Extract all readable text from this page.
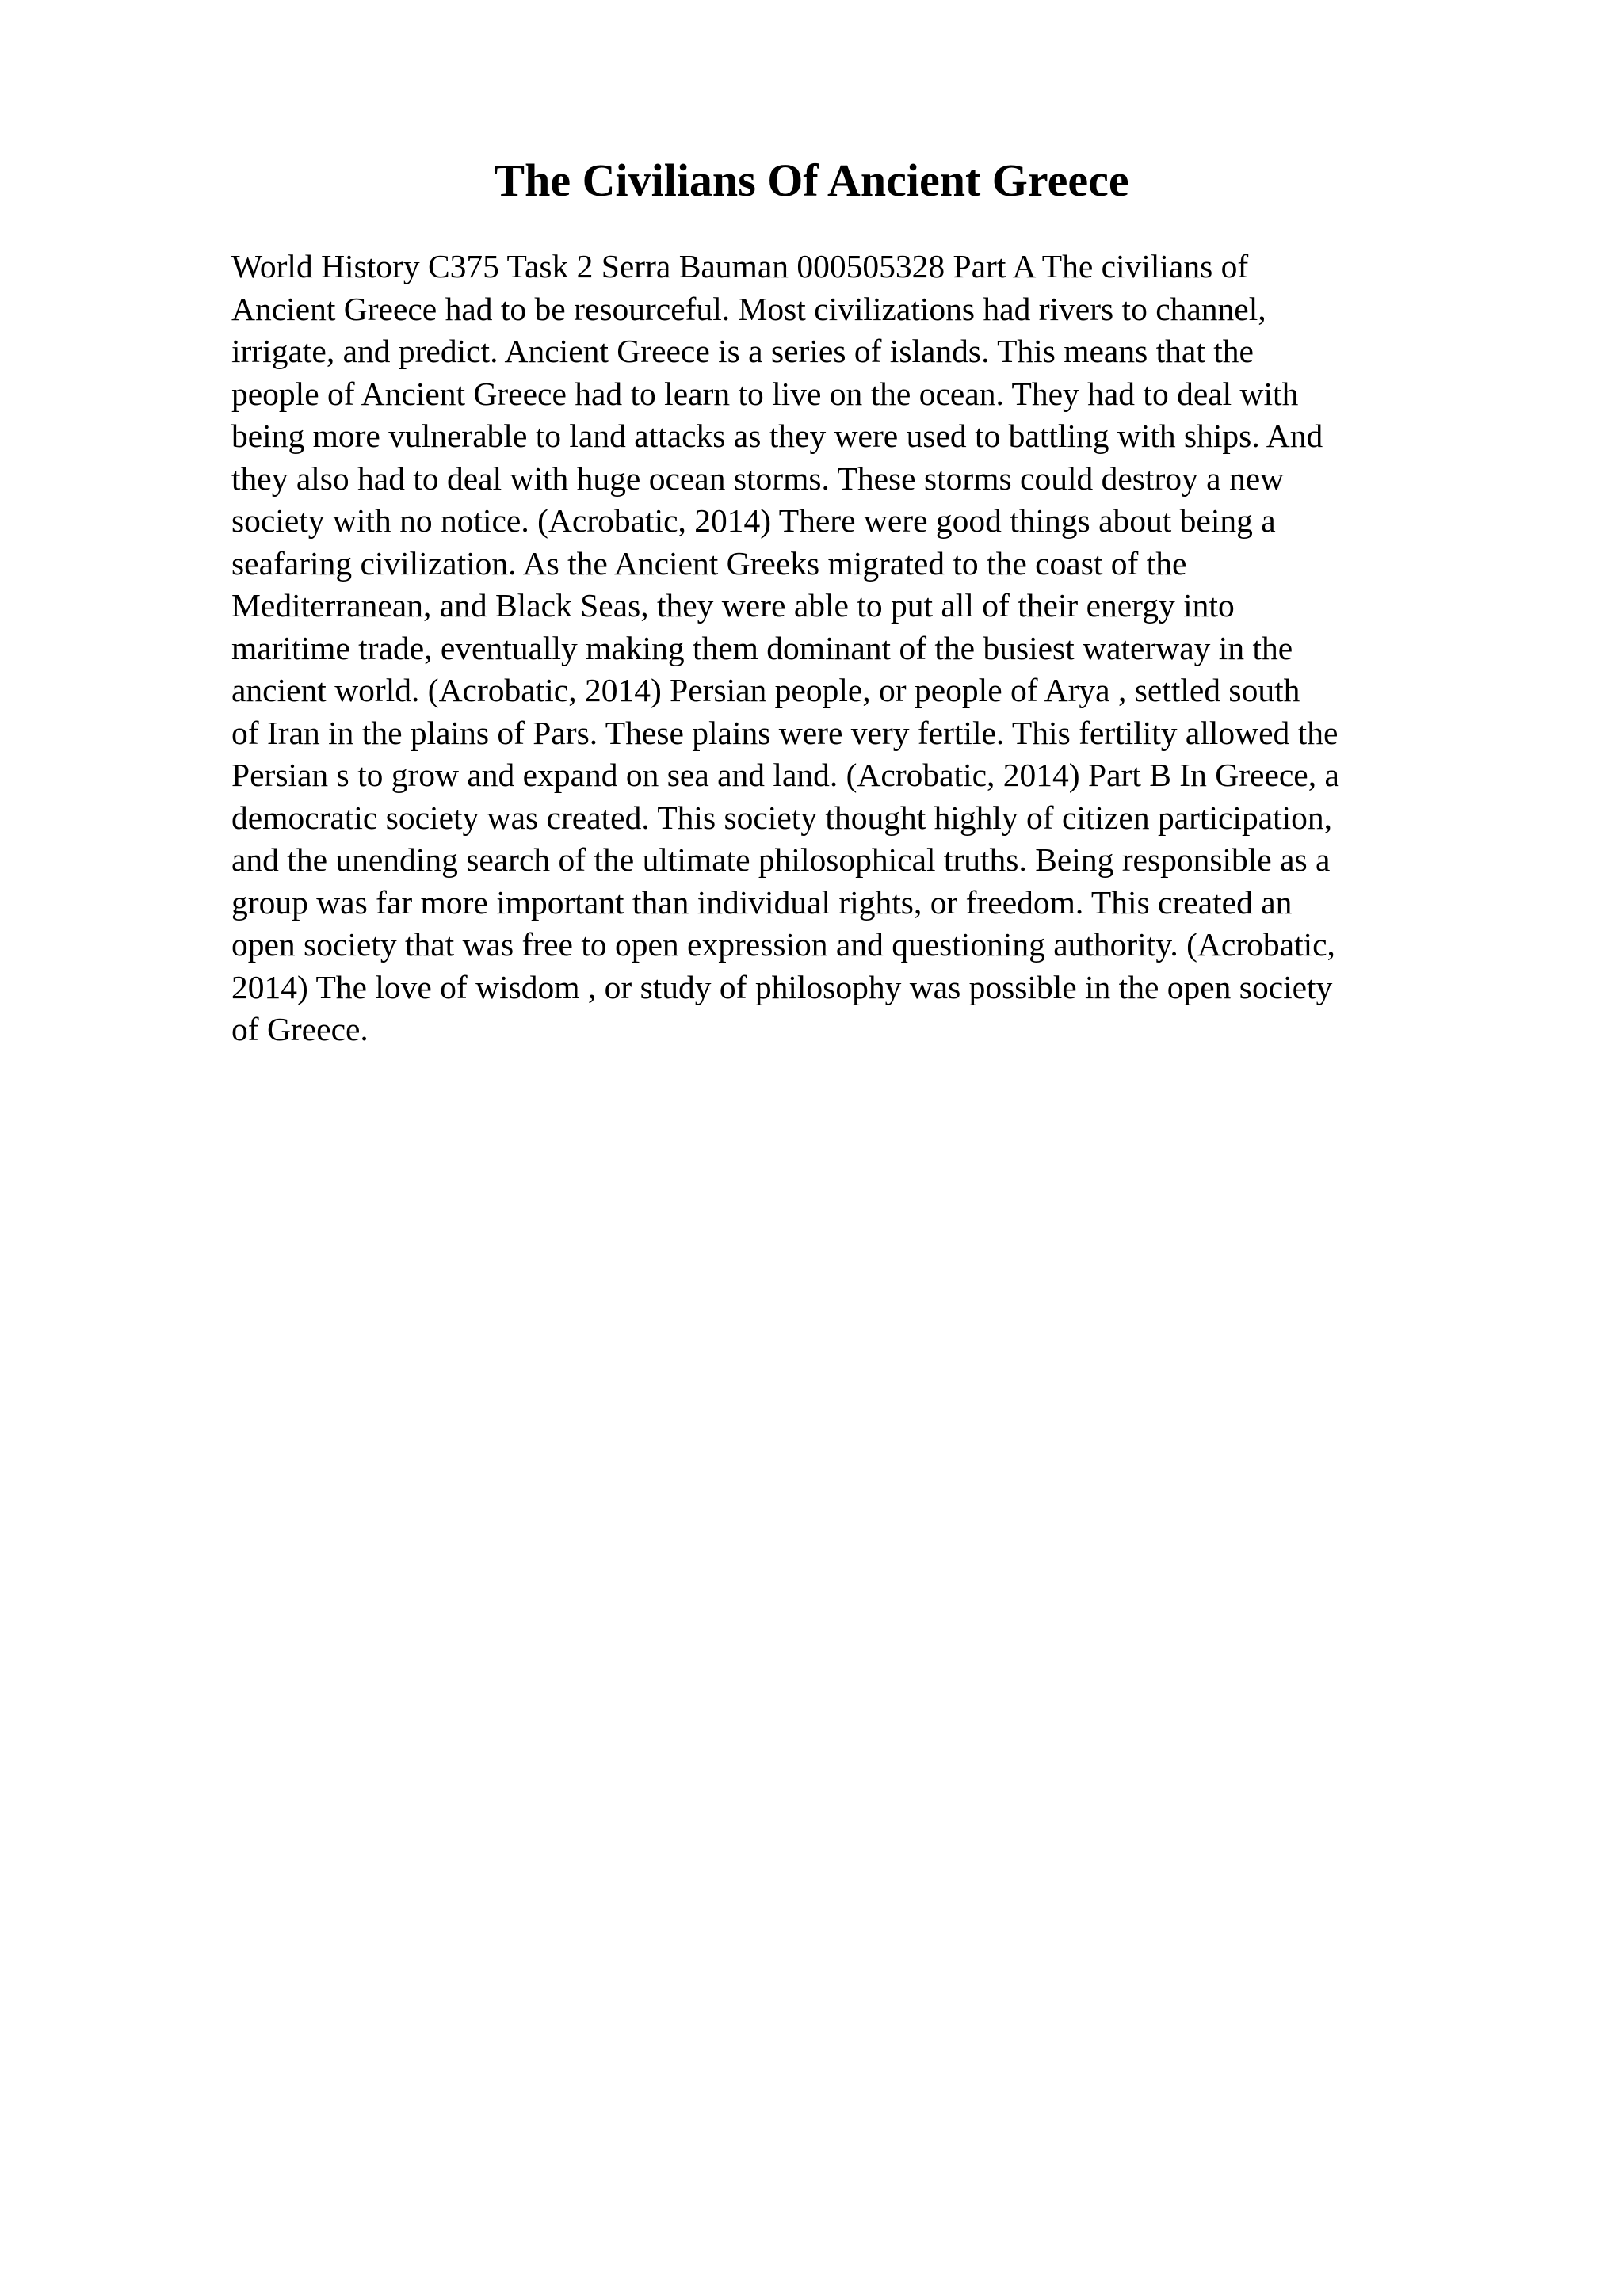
The Civilians Of Ancient Greece
World History C375 Task 2 Serra Bauman 000505328 Part A The civilians of
Ancient Greece had to be resourceful. Most civilizations had rivers to channel,
irrigate, and predict. Ancient Greece is a series of islands. This means that the
people of Ancient Greece had to learn to live on the ocean. They had to deal with
being more vulnerable to land attacks as they were used to battling with ships. And
they also had to deal with huge ocean storms. These storms could destroy a new
society with no notice. (Acrobatic, 2014) There were good things about being a
seafaring civilization. As the Ancient Greeks migrated to the coast of the
Mediterranean, and Black Seas, they were able to put all of their energy into
maritime trade, eventually making them dominant of the busiest waterway in the
ancient world. (Acrobatic, 2014) Persian people, or people of Arya , settled south
of Iran in the plains of Pars. These plains were very fertile. This fertility allowed the
Persian s to grow and expand on sea and land. (Acrobatic, 2014) Part B In Greece, a
democratic society was created. This society thought highly of citizen participation,
and the unending search of the ultimate philosophical truths. Being responsible as a
group was far more important than individual rights, or freedom. This created an
open society that was free to open expression and questioning authority. (Acrobatic,
2014) The love of wisdom , or study of philosophy was possible in the open society
of Greece.
